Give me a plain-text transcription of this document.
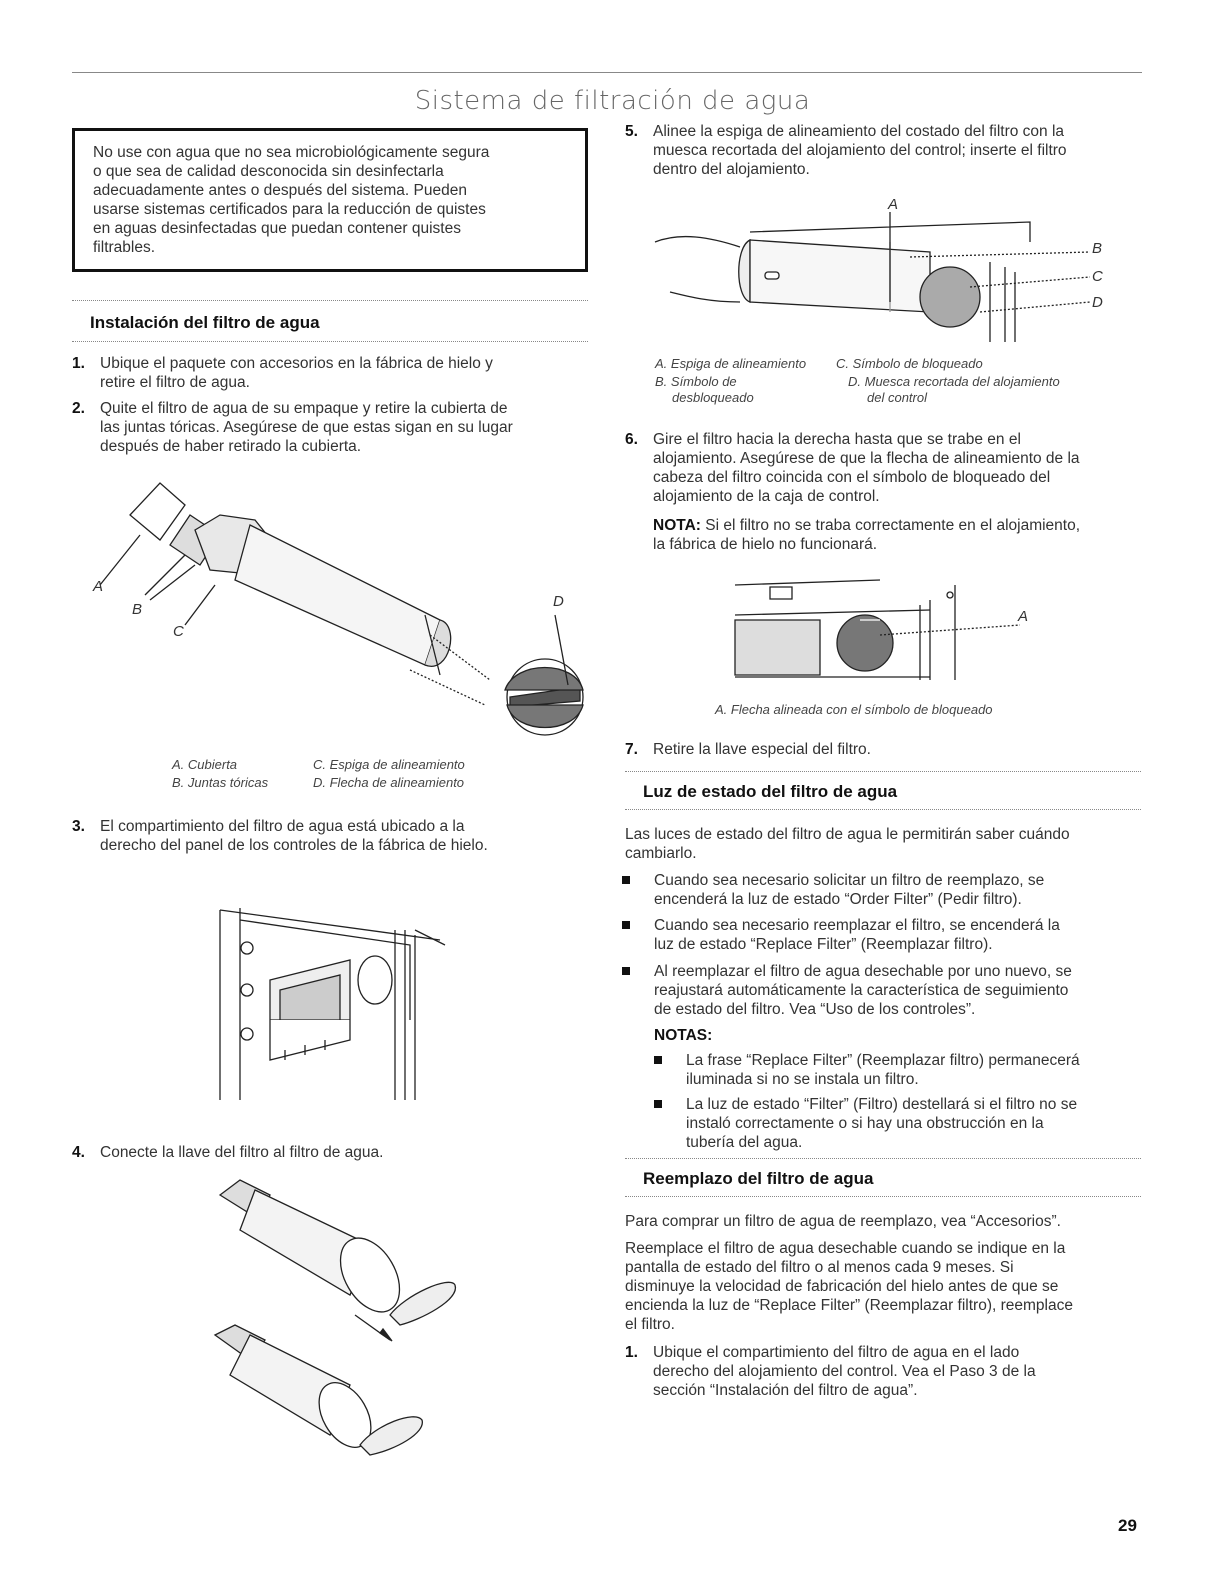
Sistema de filtración de agua
No use con agua que no sea microbiológicamente segura
o que sea de calidad desconocida sin desinfectarla
adecuadamente antes o después del sistema. Pueden
usarse sistemas certificados para la reducción de quistes
en aguas desinfectadas que puedan contener quistes
filtrables.
Instalación del filtro de agua
1. Ubique el paquete con accesorios en la fábrica de hielo y
retire el filtro de agua.
2. Quite el filtro de agua de su empaque y retire la cubierta de
las juntas tóricas. Asegúrese de que estas sigan en su lugar
después de haber retirado la cubierta.
A
B
C
D
A. Cubierta
B. Juntas tóricas
C. Espiga de alineamiento
D. Flecha de alineamiento
3. El compartimiento del filtro de agua está ubicado a la
derecho del panel de los controles de la fábrica de hielo.
4. Conecte la llave del filtro al filtro de agua.
5. Alinee la espiga de alineamiento del costado del filtro con la
muesca recortada del alojamiento del control; inserte el filtro
dentro del alojamiento.
A
B
C
D
A. Espiga de alineamiento
B. Símbolo de
desbloqueado
C. Símbolo de bloqueado
D. Muesca recortada del alojamiento
del control
6. Gire el filtro hacia la derecha hasta que se trabe en el
alojamiento. Asegúrese de que la flecha de alineamiento de la
cabeza del filtro coincida con el símbolo de bloqueado del
alojamiento de la caja de control.
NOTA: Si el filtro no se traba correctamente en el alojamiento,
la fábrica de hielo no funcionará.
A
A. Flecha alineada con el símbolo de bloqueado
7. Retire la llave especial del filtro.
Luz de estado del filtro de agua
Las luces de estado del filtro de agua le permitirán saber cuándo
cambiarlo.
Cuando sea necesario solicitar un filtro de reemplazo, se
encenderá la luz de estado “Order Filter” (Pedir filtro).
Cuando sea necesario reemplazar el filtro, se encenderá la
luz de estado “Replace Filter” (Reemplazar filtro).
Al reemplazar el filtro de agua desechable por uno nuevo, se
reajustará automáticamente la característica de seguimiento
de estado del filtro. Vea “Uso de los controles”.
NOTAS:
La frase “Replace Filter” (Reemplazar filtro) permanecerá
iluminada si no se instala un filtro.
La luz de estado “Filter” (Filtro) destellará si el filtro no se
instaló correctamente o si hay una obstrucción en la
tubería del agua.
Reemplazo del filtro de agua
Para comprar un filtro de agua de reemplazo, vea “Accesorios”.
Reemplace el filtro de agua desechable cuando se indique en la
pantalla de estado del filtro o al menos cada 9 meses. Si
disminuye la velocidad de fabricación del hielo antes de que se
encienda la luz de “Replace Filter” (Reemplazar filtro), reemplace
el filtro.
1. Ubique el compartimiento del filtro de agua en el lado
derecho del alojamiento del control. Vea el Paso 3 de la
sección “Instalación del filtro de agua”.
29
